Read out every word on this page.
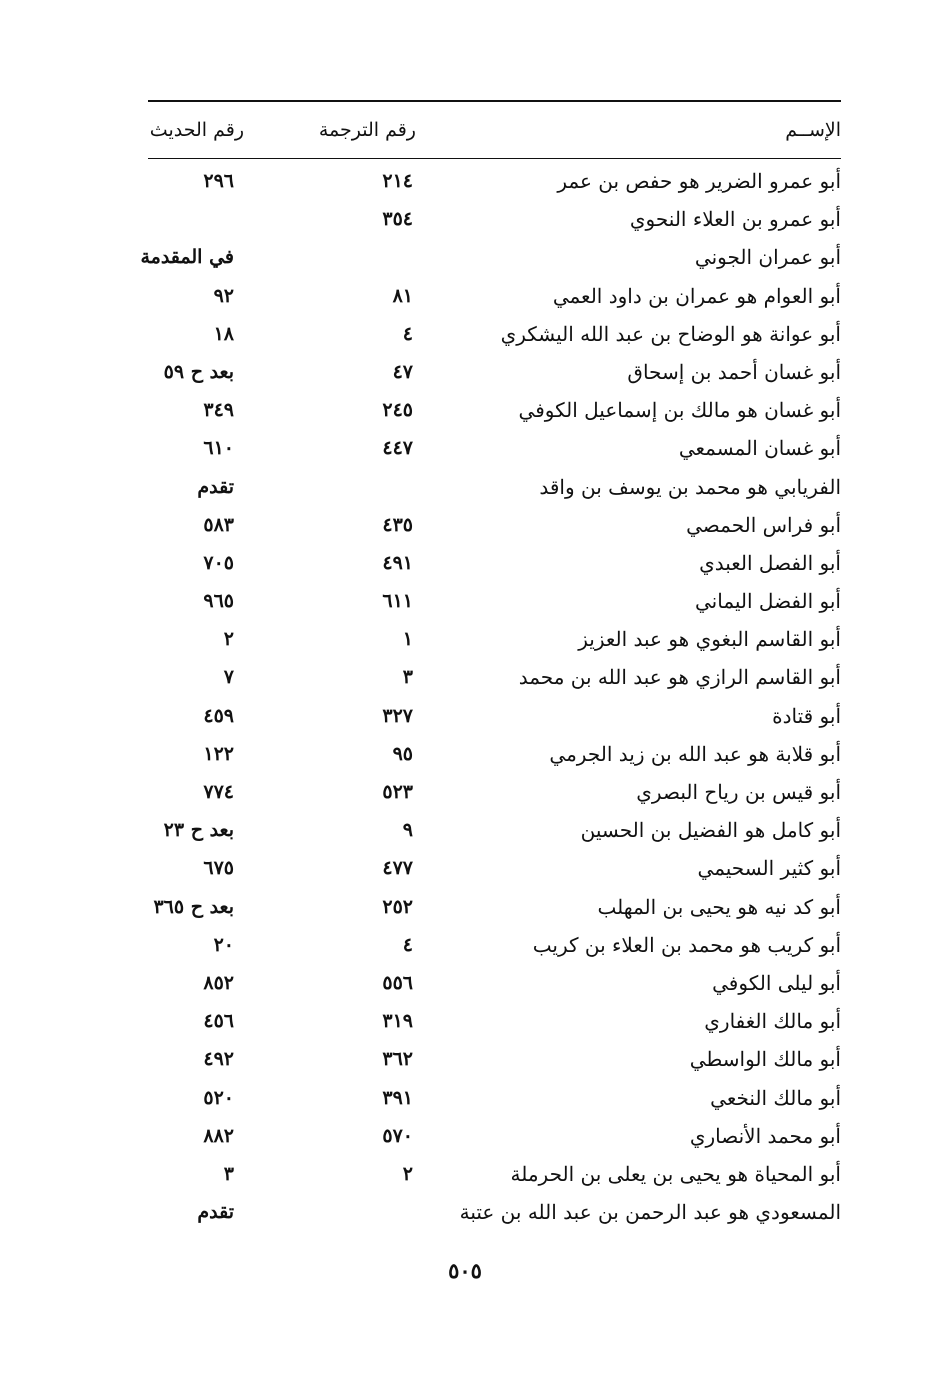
الإســم
رقم الترجمة
رقم الحديث
أبو عمرو الضرير هو حفص بن عمر
٢١٤
٢٩٦
أبو عمرو بن العلاء النحوي
٣٥٤
أبو عمران الجوني
في المقدمة
أبو العوام هو عمران بن داود العمي
٨١
٩٢
أبو عوانة هو الوضاح بن عبد الله اليشكري
٤
١٨
أبو غسان أحمد بن إسحاق
٤٧
بعد ح ٥٩
أبو غسان هو مالك بن إسماعيل الكوفي
٢٤٥
٣٤٩
أبو غسان المسمعي
٤٤٧
٦١٠
الفريابي هو محمد بن يوسف بن واقد
تقدم
أبو فراس الحمصي
٤٣٥
٥٨٣
أبو الفصل العبدي
٤٩١
٧٠٥
أبو الفضل اليماني
٦١١
٩٦٥
أبو القاسم البغوي هو عبد العزيز
١
٢
أبو القاسم الرازي هو عبد الله بن محمد
٣
٧
أبو قتادة
٣٢٧
٤٥٩
أبو قلابة هو عبد الله بن زيد الجرمي
٩٥
١٢٢
أبو قيس بن رياح البصري
٥٢٣
٧٧٤
أبو كامل هو الفضيل بن الحسين
٩
بعد ح ٢٣
أبو كثير السحيمي
٤٧٧
٦٧٥
أبو كد نيه هو يحيى بن المهلب
٢٥٢
بعد ح ٣٦٥
أبو كريب هو محمد بن العلاء بن كريب
٤
٢٠
أبو ليلى الكوفي
٥٥٦
٨٥٢
أبو مالك الغفاري
٣١٩
٤٥٦
أبو مالك الواسطي
٣٦٢
٤٩٢
أبو مالك النخعي
٣٩١
٥٢٠
أبو محمد الأنصاري
٥٧٠
٨٨٢
أبو المحياة هو يحيى بن يعلى بن الحرملة
٢
٣
المسعودي هو عبد الرحمن بن عبد الله بن عتبة
تقدم
٥٠٥
